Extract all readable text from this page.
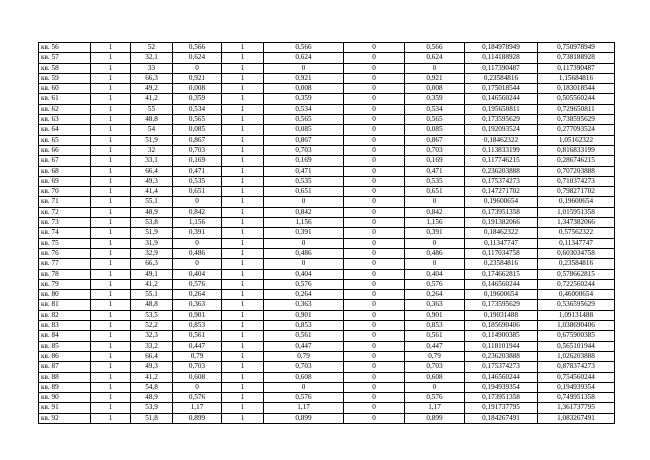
кв. 56	1	52	0,566	1	0,566	0	0,566	0,184978949	0,750978949
кв. 57	1	32,1	0,624	1	0,624	0	0,624	0,114188928	0,738188928
кв. 58	1	33	0	1	0	0	0	0,117390487	0,117390487
кв. 59	1	66,3	0,921	1	0,921	0	0,921	0,23584816	1,15684816
кв. 60	1	49,2	0,008	1	0,008	0	0,008	0,175018544	0,183018544
кв. 61	1	41,2	0,359	1	0,359	0	0,359	0,146560244	0,505560244
кв. 62	1	55	0,534	1	0,534	0	0,534	0,195650811	0,729650811
кв. 63	1	48,8	0,565	1	0,565	0	0,565	0,173595629	0,738595629
кв. 64	1	54	0,085	1	0,085	0	0,085	0,192093524	0,277093524
кв. 65	1	51,9	0,867	1	0,867	0	0,867	0,18462322	1,05162322
кв. 66	1	32	0,703	1	0,703	0	0,703	0,113833199	0,816833199
кв. 67	1	33,1	0,169	1	0,169	0	0,169	0,117746215	0,286746215
кв. 68	1	66,4	0,471	1	0,471	0	0,471	0,236203888	0,707203888
кв. 69	1	49,3	0,535	1	0,535	0	0,535	0,175374273	0,710374273
кв. 70	1	41,4	0,651	1	0,651	0	0,651	0,147271702	0,798271702
кв. 71	1	55,1	0	1	0	0	0	0,19600654	0,19600654
кв. 72	1	48,9	0,842	1	0,842	0	0,842	0,173951358	1,015951358
кв. 73	1	53,8	1,156	1	1,156	0	1,156	0,191382066	1,347382066
кв. 74	1	51,9	0,391	1	0,391	0	0,391	0,18462322	0,57562322
кв. 75	1	31,9	0	1	0	0	0	0,11347747	0,11347747
кв. 76	1	32,9	0,486	1	0,486	0	0,486	0,117034758	0,603034758
кв. 77	1	66,3	0	1	0	0	0	0,23584816	0,23584816
кв. 78	1	49,1	0,404	1	0,404	0	0,404	0,174662815	0,578662815
кв. 79	1	41,2	0,576	1	0,576	0	0,576	0,146560244	0,722560244
кв. 80	1	55,1	0,264	1	0,264	0	0,264	0,19600654	0,46000654
кв. 81	1	48,8	0,363	1	0,363	0	0,363	0,173595629	0,536595629
кв. 82	1	53,5	0,901	1	0,901	0	0,901	0,19031488	1,09131488
кв. 83	1	52,2	0,853	1	0,853	0	0,853	0,185690406	1,038690406
кв. 84	1	32,3	0,561	1	0,561	0	0,561	0,114900385	0,675900385
кв. 85	1	33,2	0,447	1	0,447	0	0,447	0,118101944	0,565101944
кв. 86	1	66,4	0,79	1	0,79	0	0,79	0,236203888	1,026203888
кв. 87	1	49,3	0,703	1	0,703	0	0,703	0,175374273	0,878374273
кв. 88	1	41,2	0,608	1	0,608	0	0,608	0,146560244	0,754560244
кв. 89	1	54,8	0	1	0	0	0	0,194939354	0,194939354
кв. 90	1	48,9	0,576	1	0,576	0	0,576	0,173951358	0,749951358
кв. 91	1	53,9	1,17	1	1,17	0	1,17	0,191737795	1,361737795
кв. 92	1	51,8	0,899	1	0,899	0	0,899	0,184267491	1,083267491
